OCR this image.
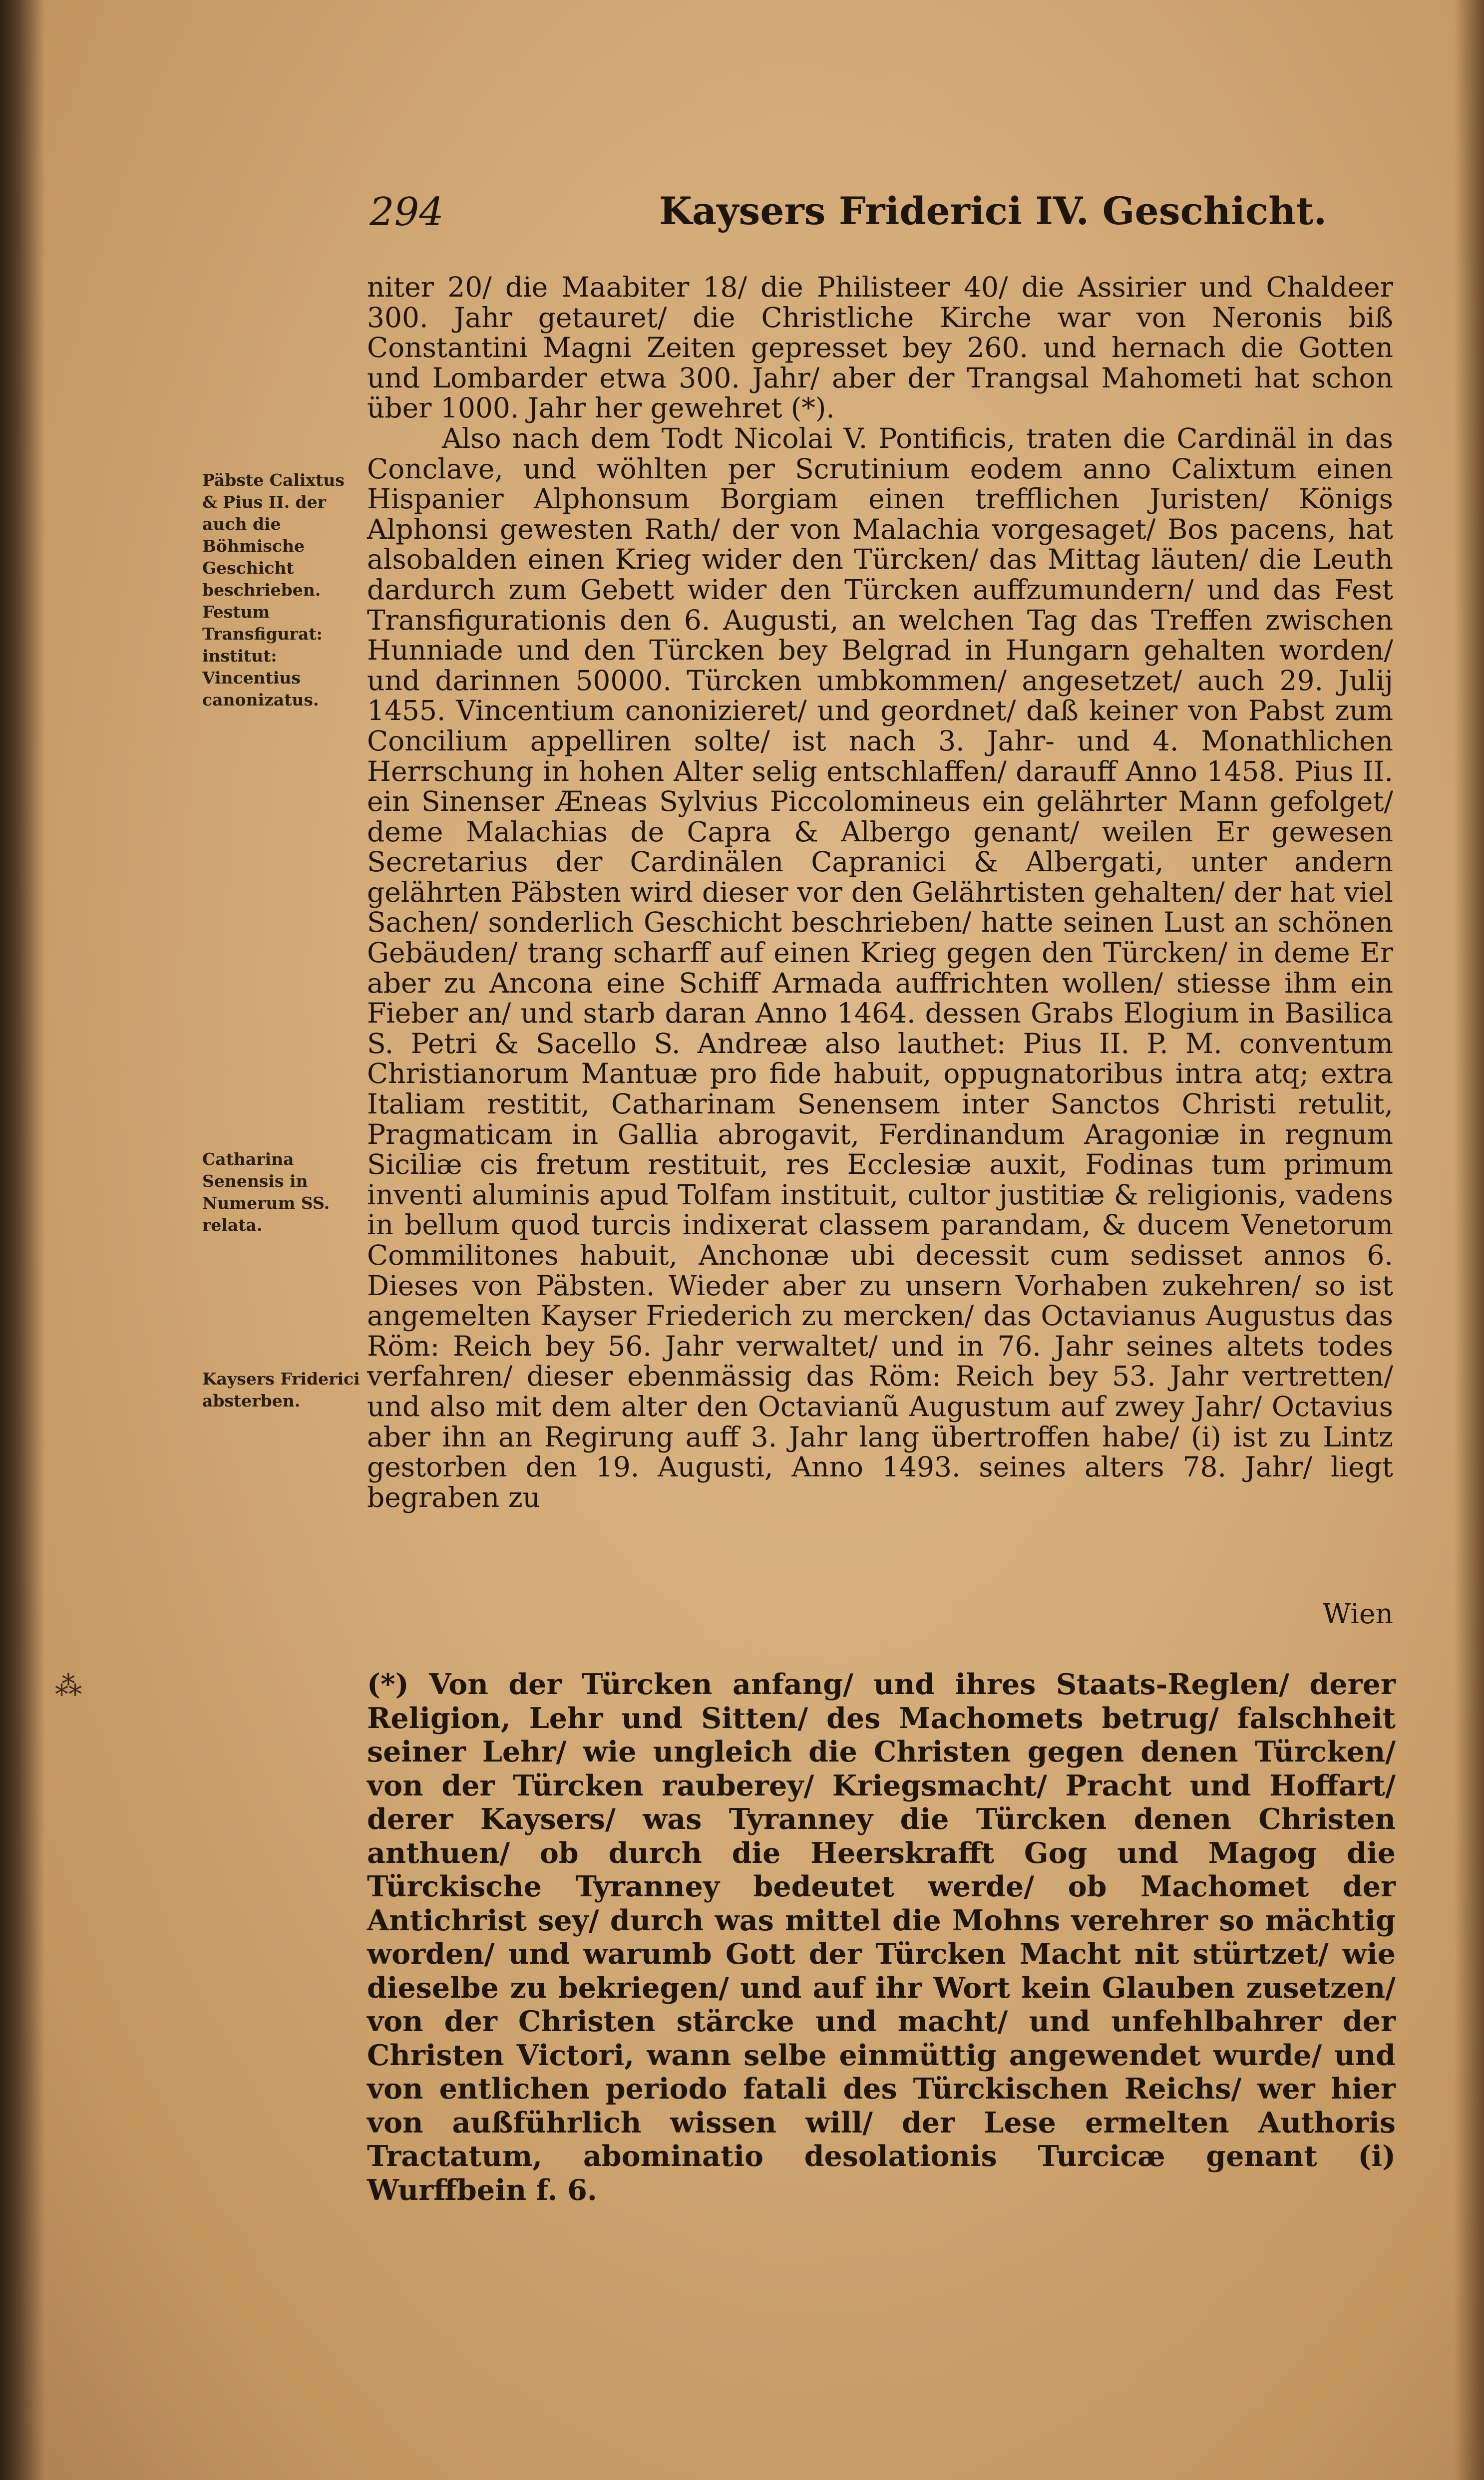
294	Kaysers Friderici IV. Geschicht.
Päbste Calixtus & Pius II. der auch die Böhmische Geschicht beschrieben. Festum Transfigurat: institut: Vincentius canonizatus.
Catharina Senensis in Numerum SS. relata.
Kaysers Friderici absterben.

niter 20/ die Maabiter 18/ die Philisteer 40/ die Assirier und Chaldeer 300. Jahr getauret/ die Christliche Kirche war von Neronis biß Constantini Magni Zeiten gepresset bey 260. und hernach die Gotten und Lombarder etwa 300. Jahr/ aber der Trangsal Mahometi hat schon über 1000. Jahr her gewehret (*).

Also nach dem Todt Nicolai V. Pontificis, traten die Cardinäl in das Conclave, und wöhlten per Scrutinium eodem anno Calixtum einen Hispanier Alphonsum Borgiam einen trefflichen Juristen/ Königs Alphonsi gewesten Rath/ der von Malachia vorgesaget/ Bos pacens, hat alsobalden einen Krieg wider den Türcken/ das Mittag läuten/ die Leuth dardurch zum Gebett wider den Türcken auffzumundern/ und das Fest Transfigurationis den 6. Augusti, an welchen Tag das Treffen zwischen Hunniade und den Türcken bey Belgrad in Hungarn gehalten worden/ und darinnen 50000. Türcken umbkommen/ angesetzet/ auch 29. Julij 1455. Vincentium canonizieret/ und geordnet/ daß keiner von Pabst zum Concilium appelliren solte/ ist nach 3. Jahr- und 4. Monathlichen Herrschung in hohen Alter selig entschlaffen/ darauff Anno 1458. Pius II. ein Sinenser Æneas Sylvius Piccolomineus ein gelährter Mann gefolget/ deme Malachias de Capra & Albergo genant/ weilen Er gewesen Secretarius der Cardinälen Capranici & Albergati, unter andern gelährten Päbsten wird dieser vor den Gelährtisten gehalten/ der hat viel Sachen/ sonderlich Geschicht beschrieben/ hatte seinen Lust an schönen Gebäuden/ trang scharff auf einen Krieg gegen den Türcken/ in deme Er aber zu Ancona eine Schiff Armada auffrichten wollen/ stiesse ihm ein Fieber an/ und starb daran Anno 1464. dessen Grabs Elogium in Basilica S. Petri & Sacello S. Andreæ also lauthet: Pius II. P. M. conventum Christianorum Mantuæ pro fide habuit, oppugnatoribus intra atq; extra Italiam restitit, Catharinam Senensem inter Sanctos Christi retulit, Pragmaticam in Gallia abrogavit, Ferdinandum Aragoniæ in regnum Siciliæ cis fretum restituit, res Ecclesiæ auxit, Fodinas tum primum inventi aluminis apud Tolfam instituit, cultor justitiæ & religionis, vadens in bellum quod turcis indixerat classem parandam, & ducem Venetorum Commilitones habuit, Anchonæ ubi decessit cum sedisset annos 6. Dieses von Päbsten. Wieder aber zu unsern Vorhaben zukehren/ so ist angemelten Kayser Friederich zu mercken/ das Octavianus Augustus das Röm: Reich bey 56. Jahr verwaltet/ und in 76. Jahr seines altets todes verfahren/ dieser ebenmässig das Röm: Reich bey 53. Jahr vertretten/ und also mit dem alter den Octavianũ Augustum auf zwey Jahr/ Octavius aber ihn an Regirung auff 3. Jahr lang übertroffen habe/ (i) ist zu Lintz gestorben den 19. Augusti, Anno 1493. seines alters 78. Jahr/ liegt begraben zu

Wien
⁂	(*) Von der Türcken anfang/ und ihres Staats-Reglen/ derer Religion, Lehr und Sitten/ des Machomets betrug/ falschheit seiner Lehr/ wie ungleich die Christen gegen denen Türcken/ von der Türcken rauberey/ Kriegsmacht/ Pracht und Hoffart/ derer Kaysers/ was Tyranney die Türcken denen Christen anthuen/ ob durch die Heerskrafft Gog und Magog die Türckische Tyranney bedeutet werde/ ob Machomet der Antichrist sey/ durch was mittel die Mohns verehrer so mächtig worden/ und warumb Gott der Türcken Macht nit stürtzet/ wie dieselbe zu bekriegen/ und auf ihr Wort kein Glauben zusetzen/ von der Christen stärcke und macht/ und unfehlbahrer der Christen Victori, wann selbe einmüttig angewendet wurde/ und von entlichen periodo fatali des Türckischen Reichs/ wer hier von außführlich wissen will/ der Lese ermelten Authoris Tractatum, abominatio desolationis Turcicæ genant (i) Wurffbein f. 6.
